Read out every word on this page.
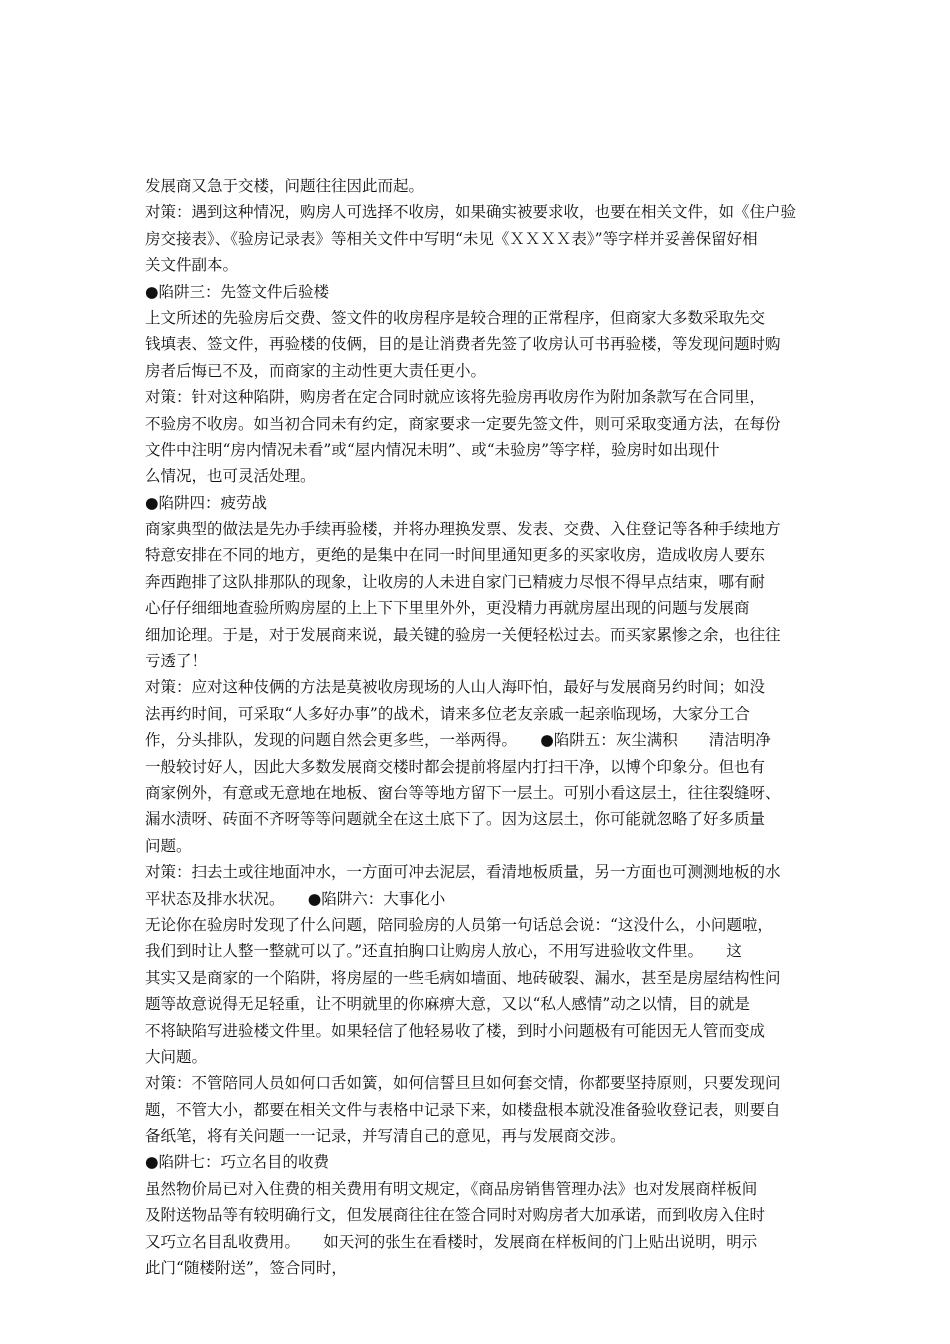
发展商又急于交楼，问题往往因此而起。
对策：遇到这种情况，购房人可选择不收房，如果确实被要求收，也要在相关文件，如《住户验
房交接表》、《验房记录表》等相关文件中写明“未见《ＸＸＸＸ表》”等字样并妥善保留好相
关文件副本。
●陷阱三：先签文件后验楼
上文所述的先验房后交费、签文件的收房程序是较合理的正常程序，但商家大多数采取先交
钱填表、签文件，再验楼的伎俩，目的是让消费者先签了收房认可书再验楼，等发现问题时购
房者后悔已不及，而商家的主动性更大责任更小。
对策：针对这种陷阱，购房者在定合同时就应该将先验房再收房作为附加条款写在合同里，
不验房不收房。如当初合同未有约定，商家要求一定要先签文件，则可采取变通方法，在每份
文件中注明“房内情况未看”或“屋内情况未明”、或“未验房”等字样，验房时如出现什
么情况，也可灵活处理。
●陷阱四：疲劳战
商家典型的做法是先办手续再验楼，并将办理换发票、发表、交费、入住登记等各种手续地方
特意安排在不同的地方，更绝的是集中在同一时间里通知更多的买家收房，造成收房人要东
奔西跑排了这队排那队的现象，让收房的人未进自家门已精疲力尽恨不得早点结束，哪有耐
心仔仔细细地查验所购房屋的上上下下里里外外，更没精力再就房屋出现的问题与发展商
细加论理。于是，对于发展商来说，最关键的验房一关便轻松过去。而买家累惨之余，也往往
亏透了！
对策：应对这种伎俩的方法是莫被收房现场的人山人海吓怕，最好与发展商另约时间；如没
法再约时间，可采取“人多好办事”的战术，请来多位老友亲戚一起亲临现场，大家分工合
作，分头排队，发现的问题自然会更多些，一举两得。　　●陷阱五：灰尘满积　　清洁明净
一般较讨好人，因此大多数发展商交楼时都会提前将屋内打扫干净，以博个印象分。但也有
商家例外，有意或无意地在地板、窗台等等地方留下一层土。可别小看这层土，往往裂缝呀、
漏水渍呀、砖面不齐呀等等问题就全在这土底下了。因为这层土，你可能就忽略了好多质量
问题。
对策：扫去土或往地面冲水，一方面可冲去泥层，看清地板质量，另一方面也可测测地板的水
平状态及排水状况。　　●陷阱六：大事化小
无论你在验房时发现了什么问题，陪同验房的人员第一句话总会说：“这没什么，小问题啦，
我们到时让人整一整就可以了。”还直拍胸口让购房人放心，不用写进验收文件里。　　这
其实又是商家的一个陷阱，将房屋的一些毛病如墙面、地砖破裂、漏水，甚至是房屋结构性问
题等故意说得无足轻重，让不明就里的你麻痹大意，又以“私人感情”动之以情，目的就是
不将缺陷写进验楼文件里。如果轻信了他轻易收了楼，到时小问题极有可能因无人管而变成
大问题。
对策：不管陪同人员如何口舌如簧，如何信誓旦旦如何套交情，你都要坚持原则，只要发现问
题，不管大小，都要在相关文件与表格中记录下来，如楼盘根本就没准备验收登记表，则要自
备纸笔，将有关问题一一记录，并写清自己的意见，再与发展商交涉。
●陷阱七：巧立名目的收费
虽然物价局已对入住费的相关费用有明文规定，《商品房销售管理办法》也对发展商样板间
及附送物品等有较明确行文，但发展商往往在签合同时对购房者大加承诺，而到收房入住时
又巧立名目乱收费用。　　如天河的张生在看楼时，发展商在样板间的门上贴出说明，明示
此门“随楼附送”，签合同时，
